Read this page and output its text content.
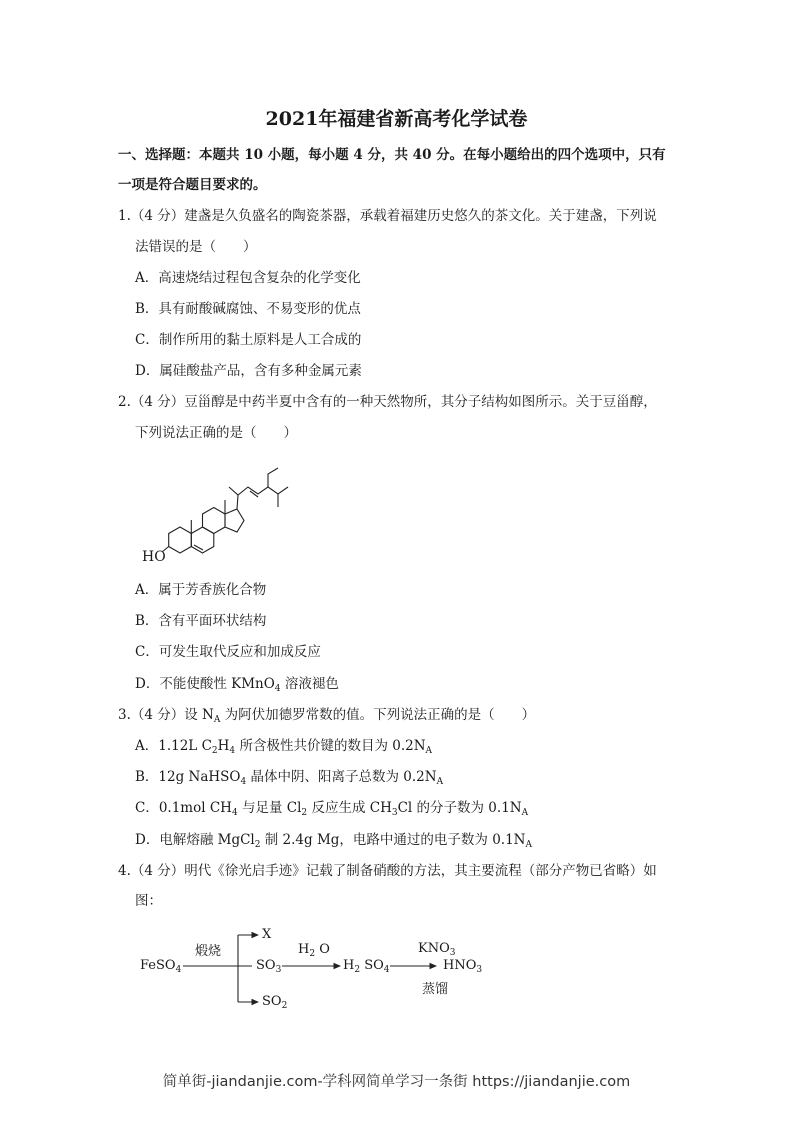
2021年福建省新高考化学试卷
一、选择题：本题共 10 小题，每小题 4 分，共 40 分。在每小题给出的四个选项中，只有
一项是符合题目要求的。
1.（4 分）建盏是久负盛名的陶瓷茶器，承载着福建历史悠久的茶文化。关于建盏，下列说
法错误的是（　　）
A．高速烧结过程包含复杂的化学变化
B．具有耐酸碱腐蚀、不易变形的优点
C．制作所用的黏土原料是人工合成的
D．属硅酸盐产品，含有多种金属元素
2.（4 分）豆甾醇是中药半夏中含有的一种天然物所，其分子结构如图所示。关于豆甾醇，
下列说法正确的是（　　）
HO
A．属于芳香族化合物
B．含有平面环状结构
C．可发生取代反应和加成反应
D．不能使酸性 KMnO$_4$ 溶液褪色
3.（4 分）设 $N_A$ 为阿伏加德罗常数的值。下列说法正确的是（　　）
A．1.12L $C_2H_4$ 所含极性共价键的数目为 $0.2N_A$
B．12g NaHSO$_4$ 晶体中阴、阳离子总数为 $0.2N_A$
C．0.1mol $CH_4$ 与足量 $Cl_2$ 反应生成 $CH_3Cl$ 的分子数为 $0.1N_A$
D．电解熔融 MgCl$_2$ 制 2.4g Mg，电路中通过的电子数为 $0.1N_A$
4.（4 分）明代《徐光启手迹》记载了制备硝酸的方法，其主要流程（部分产物已省略）如
图：
FeSO$_4$
煅烧
X
$SO_3$
$SO_2$
$H_2$ O
$H_2$ $SO_4$
$KNO_3$
蒸馏
$HNO_3$
简单街-jiandanjie.com-学科网简单学习一条街 https://jiandanjie.com
